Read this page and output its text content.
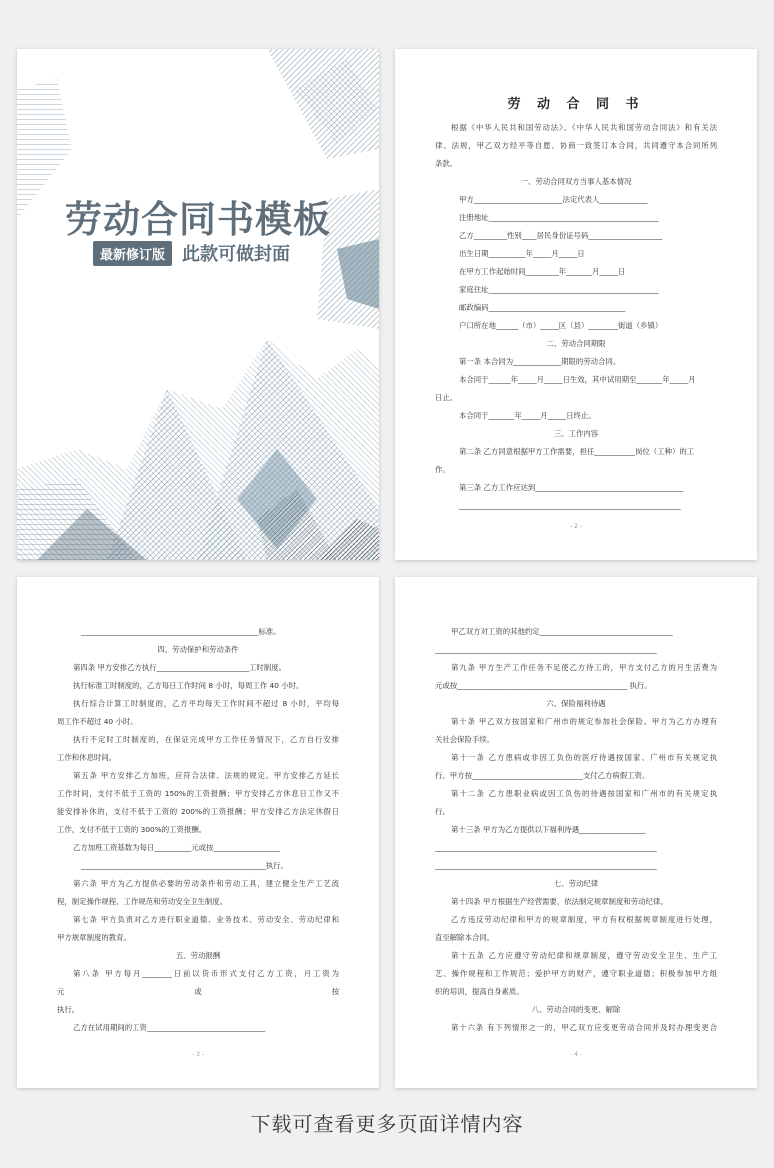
劳动合同书模板
最新修订版 此款可做封面
劳 动 合 同 书

根据《中华人民共和国劳动法》、《中华人民共和国劳动合同法》和有关法

律、法规，甲乙双方经平等自愿、协商一致签订本合同，共同遵守本合同所列

条款。

一、劳动合同双方当事人基本情况

甲方________________________法定代表人_____________

注册地址______________________________________________

乙方_________性别____居民身份证号码____________________

出生日期__________年_____月_____日

在甲方工作起始时间_________年_______月_____日

家庭住址______________________________________________

邮政编码_____________________________________

户口所在地______（市）_____区（县）________街道（乡镇）

二、劳动合同期限

第一条 本合同为_____________期限的劳动合同。

本合同于______年_____月_____日生效，其中试用期至_______年_____月

日止。

本合同于_______年_____月_____日终止。

三、工作内容

第二条 乙方同意根据甲方工作需要，担任___________岗位（工种）的工

作。

第三条 乙方工作应达到________________________________________

____________________________________________________________

- 2 -

________________________________________________标准。

四、劳动保护和劳动条件

第四条 甲方安排乙方执行_________________________工时制度。

执行标准工时制度的，乙方每日工作时间 8 小时，每周工作 40 小时。

执行综合计算工时制度的，乙方平均每天工作时间不超过 8 小时，平均每

周工作不超过 40 小时。

执行不定时工时制度的，在保证完成甲方工作任务情况下，乙方自行安排

工作和休息时间。

第五条 甲方安排乙方加班，应符合法律、法规的规定。甲方安排乙方延长

工作时间，支付不低于工资的 150%的工资报酬；甲方安排乙方休息日工作又不

能安排补休的，支付不低于工资的 200%的工资报酬；甲方安排乙方法定休假日

工作，支付不低于工资的 300%的工资报酬。

乙方加班工资基数为每日__________元或按__________________

__________________________________________________执行。

第六条 甲方为乙方提供必要的劳动条件和劳动工具，建立健全生产工艺流

程，制定操作规程、工作规范和劳动安全卫生制度。

第七条 甲方负责对乙方进行职业道德、业务技术、劳动安全、劳动纪律和

甲方规章制度的教育。

五、劳动报酬

第八条 甲方每月________日前以货币形式支付乙方工资，月工资为

元 或 按

执行。

乙方在试用期间的工资________________________________

- 3 -

甲乙双方对工资的其他约定____________________________________

____________________________________________________________

第九条 甲方生产工作任务不足使乙方待工的，甲方支付乙方的月生活费为

元或按______________________________________________ 执行。

六、保险福利待遇

第十条 甲乙双方按国家和广州市的规定参加社会保险。甲方为乙方办理有

关社会保险手续。

第十一条 乙方患病或非因工负伤的医疗待遇按国家、广州市有关规定执

行。甲方按______________________________支付乙方病假工资。

第十二条 乙方患职业病或因工负伤的待遇按国家和广州市的有关规定执

行。

第十三条 甲方为乙方提供以下福利待遇__________________

____________________________________________________________

____________________________________________________________

七、劳动纪律

第十四条 甲方根据生产经营需要，依法制定规章制度和劳动纪律。

乙方违反劳动纪律和甲方的规章制度，甲方有权根据规章制度进行处理，

直至解除本合同。

第十五条 乙方应遵守劳动纪律和规章制度，遵守劳动安全卫生、生产工

艺、操作规程和工作规范；爱护甲方的财产，遵守职业道德；积极参加甲方组

织的培训，提高自身素质。

八、劳动合同的变更、解除

第十六条 有下列情形之一的，甲乙双方应变更劳动合同并及时办理变更合

- 4 -
下载可查看更多页面详情内容
